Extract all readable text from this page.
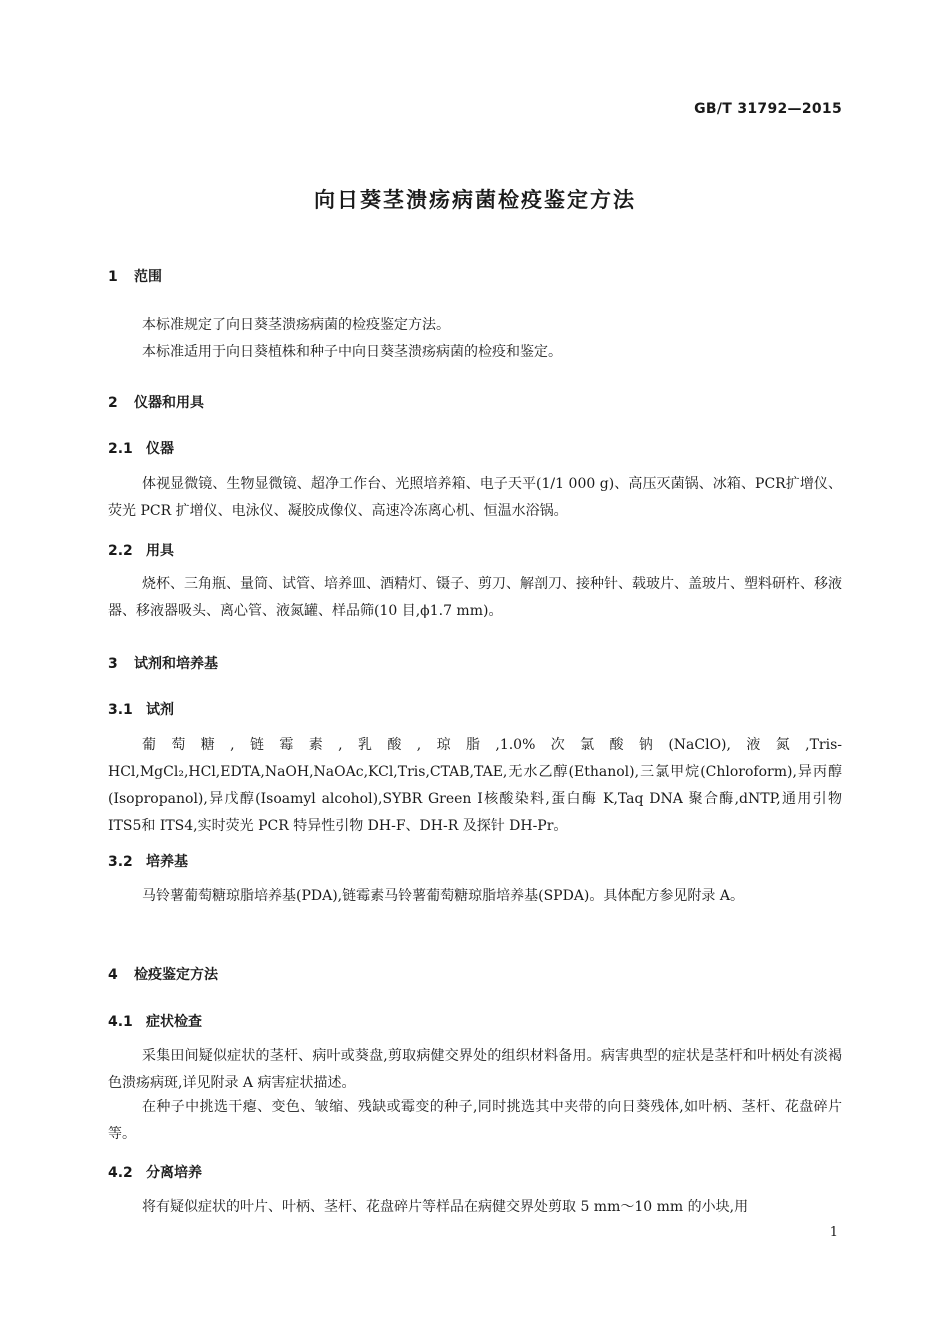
GB/T 31792—2015
向日葵茎溃疡病菌检疫鉴定方法
1 范围

本标准规定了向日葵茎溃疡病菌的检疫鉴定方法。

本标准适用于向日葵植株和种子中向日葵茎溃疡病菌的检疫和鉴定。

2 仪器和用具
2.1 仪器

体视显微镜、生物显微镜、超净工作台、光照培养箱、电子天平(1/1 000 g)、高压灭菌锅、冰箱、PCR扩增仪、荧光 PCR 扩增仪、电泳仪、凝胶成像仪、高速冷冻离心机、恒温水浴锅。

2.2 用具

烧杯、三角瓶、量筒、试管、培养皿、酒精灯、镊子、剪刀、解剖刀、接种针、载玻片、盖玻片、塑料研杵、移液器、移液器吸头、离心管、液氮罐、样品筛(10 目,ϕ1.7 mm)。

3 试剂和培养基
3.1 试剂

葡萄糖,链霉素,乳酸,琼脂,1.0%次氯酸钠(NaClO),液氮,Tris-HCl,MgCl₂,HCl,EDTA,NaOH,NaOAc,KCl,Tris,CTAB,TAE,无水乙醇(Ethanol),三氯甲烷(Chloroform),异丙醇(Isopropanol),异戊醇(Isoamyl alcohol),SYBR Green Ⅰ核酸染料,蛋白酶 K,Taq DNA 聚合酶,dNTP,通用引物 ITS5和 ITS4,实时荧光 PCR 特异性引物 DH-F、DH-R 及探针 DH-Pr。

3.2 培养基

马铃薯葡萄糖琼脂培养基(PDA),链霉素马铃薯葡萄糖琼脂培养基(SPDA)。具体配方参见附录 A。

4 检疫鉴定方法
4.1 症状检查

采集田间疑似症状的茎杆、病叶或葵盘,剪取病健交界处的组织材料备用。病害典型的症状是茎杆和叶柄处有淡褐色溃疡病斑,详见附录 A 病害症状描述。

在种子中挑选干瘪、变色、皱缩、残缺或霉变的种子,同时挑选其中夹带的向日葵残体,如叶柄、茎杆、花盘碎片等。

4.2 分离培养

将有疑似症状的叶片、叶柄、茎杆、花盘碎片等样品在病健交界处剪取 5 mm～10 mm 的小块,用

1
